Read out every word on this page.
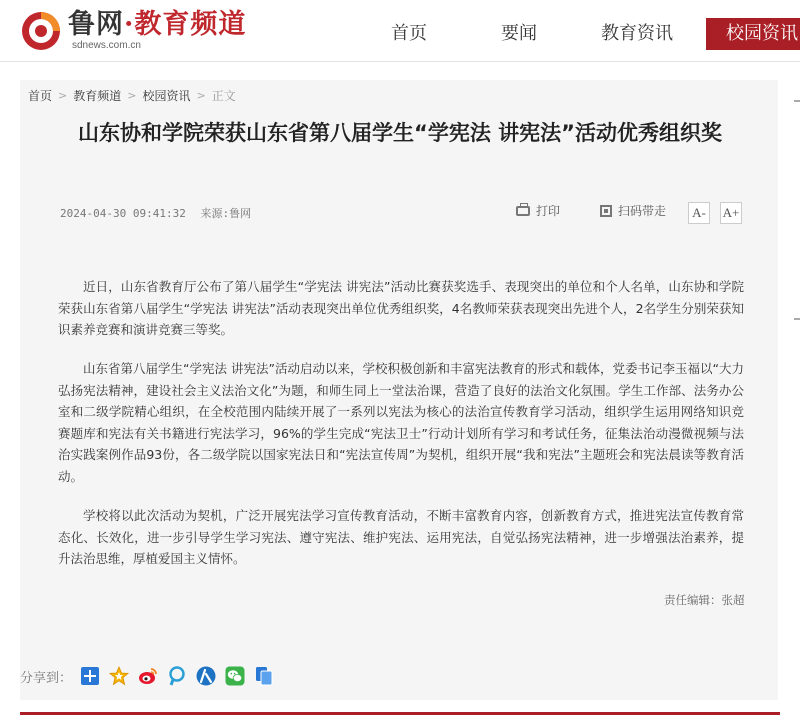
鲁网·教育频道
sdnews.com.cn
首页	要闻	教育资讯	校园资讯
首页 > 教育频道 > 校园资讯 > 正文
山东协和学院荣获山东省第八届学生“学宪法 讲宪法”活动优秀组织奖
2024-04-30 09:41:32 来源:鲁网	打印	扫码带走	A-	A+

近日，山东省教育厅公布了第八届学生“学宪法 讲宪法”活动比赛获奖选手、表现突出的单位和个人名单，山东协和学院荣获山东省第八届学生“学宪法 讲宪法”活动表现突出单位优秀组织奖，4名教师荣获表现突出先进个人，2名学生分别荣获知识素养竞赛和演讲竞赛三等奖。

山东省第八届学生“学宪法 讲宪法”活动启动以来，学校积极创新和丰富宪法教育的形式和载体，党委书记李玉福以“大力弘扬宪法精神，建设社会主义法治文化”为题，和师生同上一堂法治课，营造了良好的法治文化氛围。学生工作部、法务办公室和二级学院精心组织，在全校范围内陆续开展了一系列以宪法为核心的法治宣传教育学习活动，组织学生运用网络知识竞赛题库和宪法有关书籍进行宪法学习，96%的学生完成“宪法卫士”行动计划所有学习和考试任务，征集法治动漫微视频与法治实践案例作品93份，各二级学院以国家宪法日和“宪法宣传周”为契机，组织开展“我和宪法”主题班会和宪法晨读等教育活动。

学校将以此次活动为契机，广泛开展宪法学习宣传教育活动，不断丰富教育内容，创新教育方式，推进宪法宣传教育常态化、长效化，进一步引导学生学习宪法、遵守宪法、维护宪法、运用宪法，自觉弘扬宪法精神，进一步增强法治素养，提升法治思维，厚植爱国主义情怀。

责任编辑：张超
分享到：
